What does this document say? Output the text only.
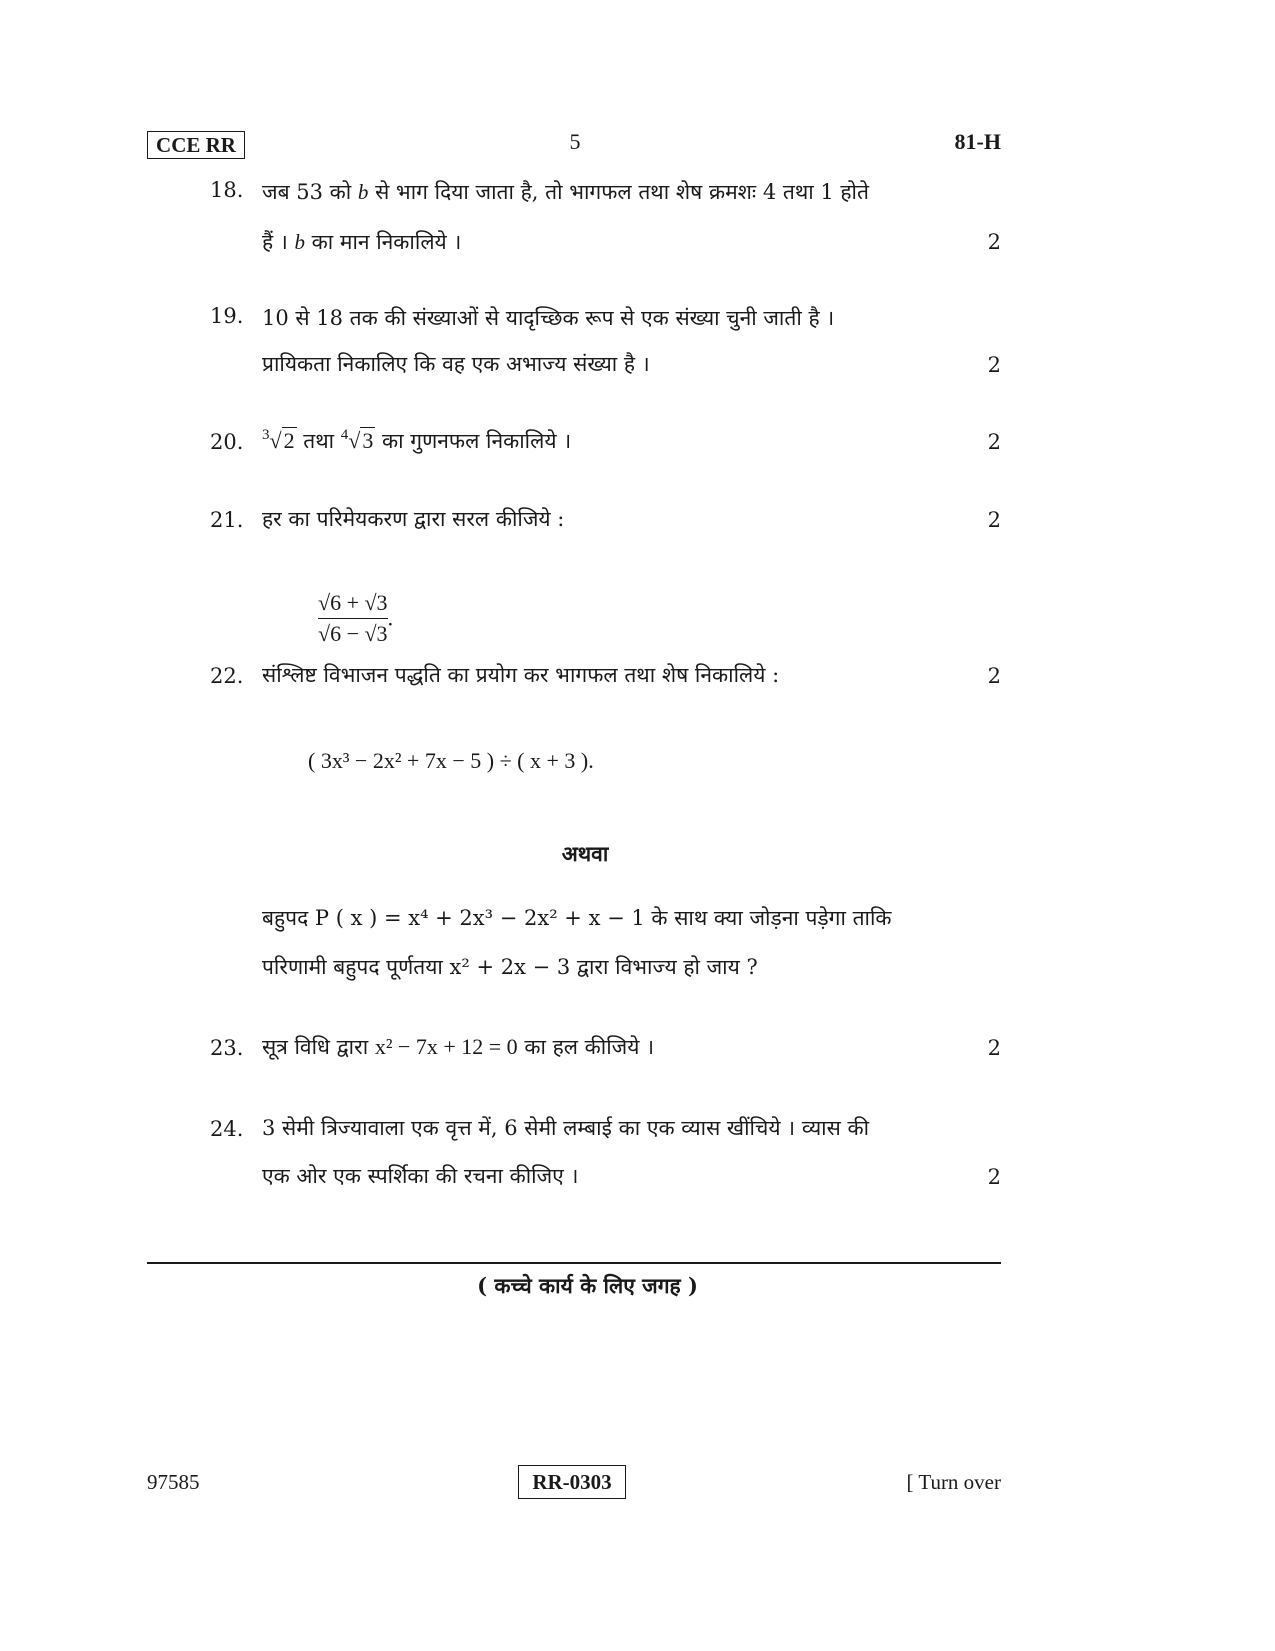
CCE RR	5	81-H
18. जब 53 को b से भाग दिया जाता है, तो भागफल तथा शेष क्रमशः 4 तथा 1 होते
हैं । b का मान निकालिये ।	2
19. 10 से 18 तक की संख्याओं से यादृच्छिक रूप से एक संख्या चुनी जाती है ।
प्रायिकता निकालिए कि वह एक अभाज्य संख्या है ।	2
20.	$^3$√2 तथा $^4$√3 का गुणनफल निकालिये ।	2
21. हर का परिमेयकरण द्वारा सरल कीजिये :	2
$\frac{√6 + √3}{√6 - √3}$ .
22. संश्लिष्ट विभाजन पद्धति का प्रयोग कर भागफल तथा शेष निकालिये :	2
( 3x³ − 2x² + 7x − 5 ) ÷ ( x + 3 ).
अथवा
बहुपद P ( x ) = x⁴ + 2x³ − 2x² + x − 1 के साथ क्या जोड़ना पड़ेगा ताकि
परिणामी बहुपद पूर्णतया x² + 2x − 3 द्वारा विभाज्य हो जाय ?
23. सूत्र विधि द्वारा x² − 7x + 12 = 0 का हल कीजिये ।	2
24. 3 सेमी त्रिज्यावाला एक वृत्त में, 6 सेमी लम्बाई का एक व्यास खींचिये । व्यास की
एक ओर एक स्पर्शिका की रचना कीजिए ।	2
( कच्चे कार्य के लिए जगह )
97585	RR-0303	[ Turn over
